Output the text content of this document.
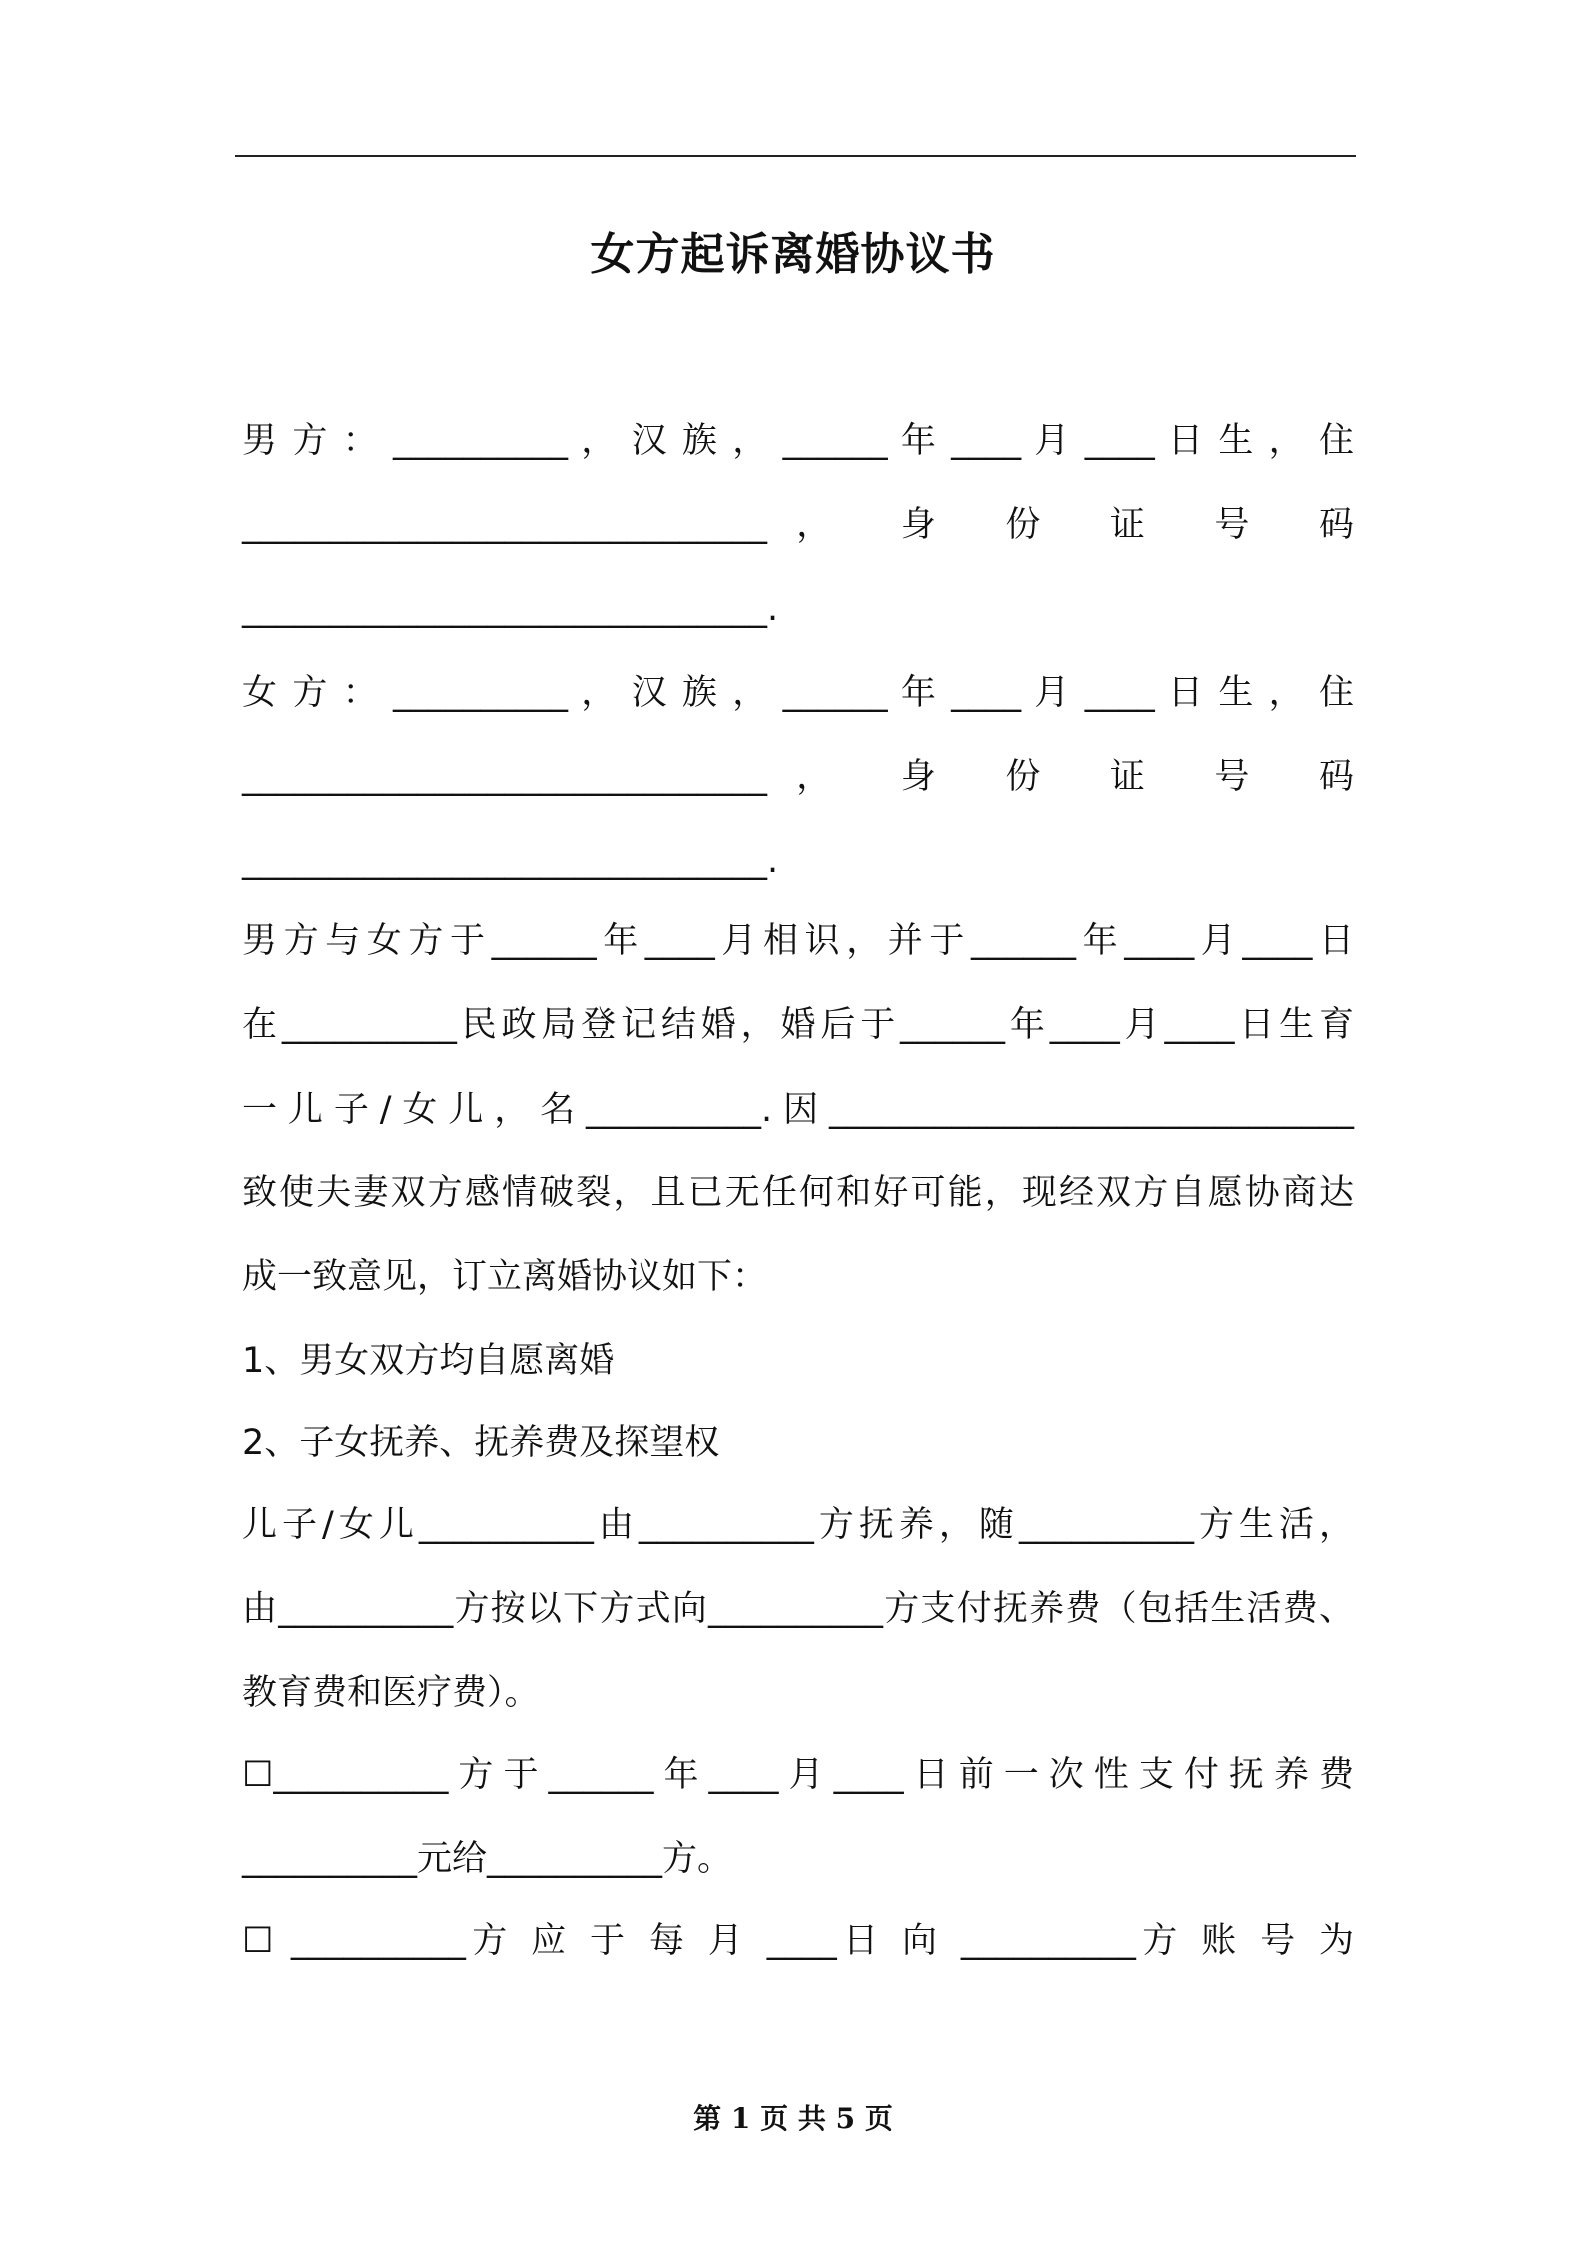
女方起诉离婚协议书
男 方 ： __________ ， 汉 族 ， ______ 年 ____ 月 ____ 日 生 ， 住
______________________________， 身 份 证 号 码
______________________________.
女 方 ： __________ ， 汉 族 ， ______ 年 ____ 月 ____ 日 生 ， 住
______________________________， 身 份 证 号 码
______________________________.
男方与女方于______年____月相识，并于______年____月____日
在__________民政局登记结婚，婚后于______年____月____日生育
一儿子/女儿，名__________.因______________________________
致使夫妻双方感情破裂，且已无任何和好可能，现经双方自愿协商达
成一致意见，订立离婚协议如下：
1、男女双方均自愿离婚
2、子女抚养、抚养费及探望权
儿子/女儿__________由__________方抚养，随__________方生活，
由__________方按以下方式向__________方支付抚养费（包括生活费、
教育费和医疗费）。
☐__________方于______年____月____日前一次性支付抚养费
__________元给__________方。
☐ __________方 应 于 每 月 ____日 向 __________方 账 号 为
第 1 页 共 5 页
